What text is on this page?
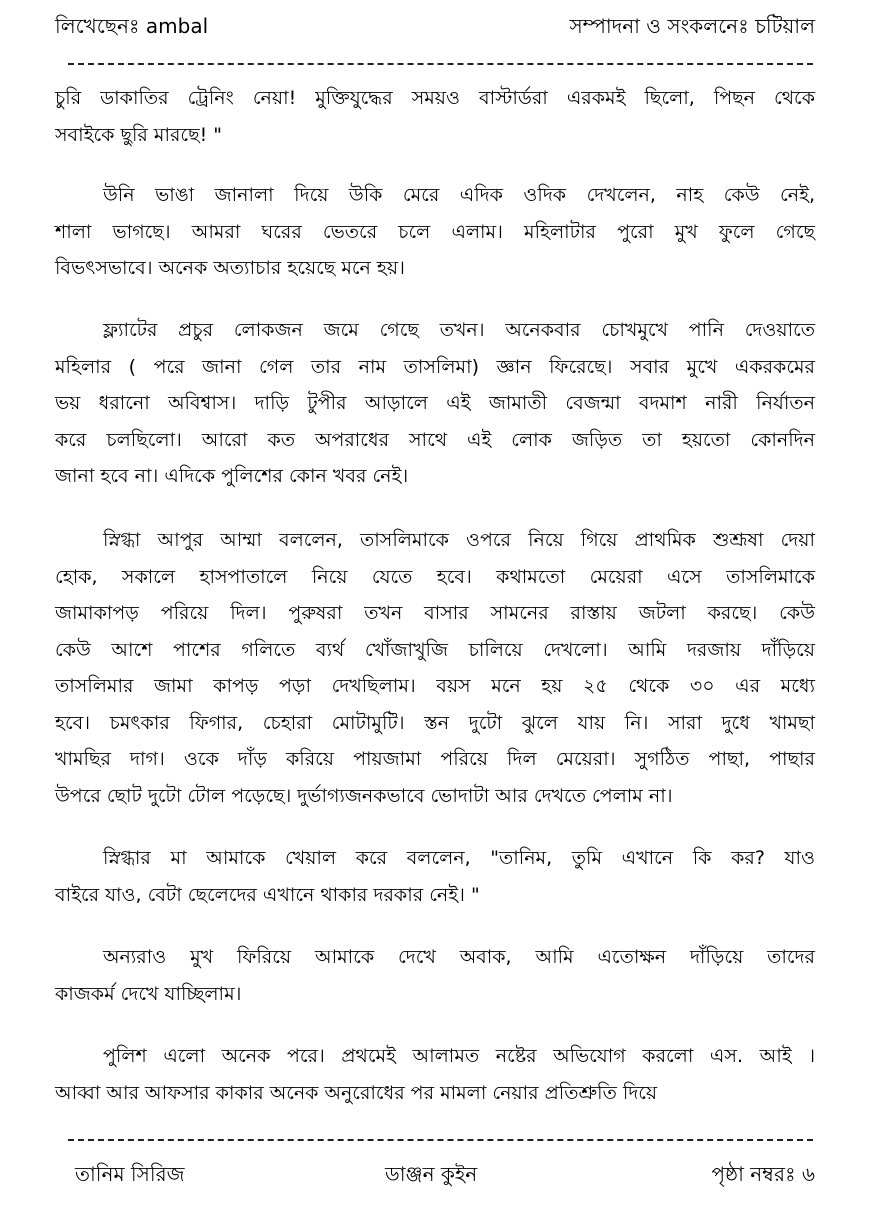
লিখেছেনঃ ambal	সম্পাদনা ও সংকলনেঃ চটিয়াল
চুরি ডাকাতির ট্রেনিং নেয়া! মুক্তিযুদ্ধের সময়ও বাস্টার্ডরা এরকমই ছিলো, পিছন থেকে
সবাইকে ছুরি মারছে! "
উনি ভাঙা জানালা দিয়ে উকি মেরে এদিক ওদিক দেখলেন, নাহ কেউ নেই,
শালা ভাগছে। আমরা ঘরের ভেতরে চলে এলাম। মহিলাটার পুরো মুখ ফুলে গেছে
বিভৎসভাবে। অনেক অত্যাচার হয়েছে মনে হয়।
ফ্ল্যাটের প্রচুর লোকজন জমে গেছে তখন। অনেকবার চোখমুখে পানি দেওয়াতে
মহিলার ( পরে জানা গেল তার নাম তাসলিমা) জ্ঞান ফিরেছে। সবার মুখে একরকমের
ভয় ধরানো অবিশ্বাস। দাড়ি টুপীর আড়ালে এই জামাতী বেজন্মা বদমাশ নারী নির্যাতন
করে চলছিলো। আরো কত অপরাধের সাথে এই লোক জড়িত তা হয়তো কোনদিন
জানা হবে না। এদিকে পুলিশের কোন খবর নেই।
স্নিগ্ধা আপুর আম্মা বললেন, তাসলিমাকে ওপরে নিয়ে গিয়ে প্রাথমিক শুশ্রূষা দেয়া
হোক, সকালে হাসপাতালে নিয়ে যেতে হবে। কথামতো মেয়েরা এসে তাসলিমাকে
জামাকাপড় পরিয়ে দিল। পুরুষরা তখন বাসার সামনের রাস্তায় জটলা করছে। কেউ
কেউ আশে পাশের গলিতে ব্যর্থ খোঁজাখুজি চালিয়ে দেখলো। আমি দরজায় দাঁড়িয়ে
তাসলিমার জামা কাপড় পড়া দেখছিলাম। বয়স মনে হয় ২৫ থেকে ৩০ এর মধ্যে
হবে। চমৎকার ফিগার, চেহারা মোটামুটি। স্তন দুটো ঝুলে যায় নি। সারা দুধে খামছা
খামছির দাগ। ওকে দাঁড় করিয়ে পায়জামা পরিয়ে দিল মেয়েরা। সুগঠিত পাছা, পাছার
উপরে ছোট দুটো টোল পড়েছে। দুর্ভাগ্যজনকভাবে ভোদাটা আর দেখতে পেলাম না।
স্নিগ্ধার মা আমাকে খেয়াল করে বললেন, "তানিম, তুমি এখানে কি কর? যাও
বাইরে যাও, বেটা ছেলেদের এখানে থাকার দরকার নেই। "
অন্যরাও মুখ ফিরিয়ে আমাকে দেখে অবাক, আমি এতোক্ষন দাঁড়িয়ে তাদের
কাজকর্ম দেখে যাচ্ছিলাম।
পুলিশ এলো অনেক পরে। প্রথমেই আলামত নষ্টের অভিযোগ করলো এস. আই ।
আব্বা আর আফসার কাকার অনেক অনুরোধের পর মামলা নেয়ার প্রতিশ্রুতি দিয়ে
তানিম সিরিজ	ডাঞ্জন কুইন	পৃষ্ঠা নম্বরঃ ৬
